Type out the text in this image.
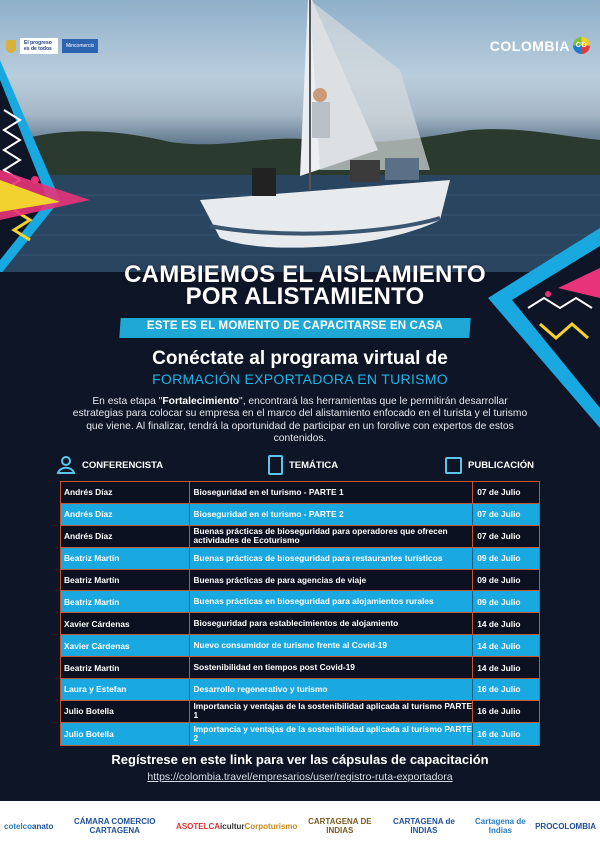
El progreso es de todos	Mincomercio	COLOMBIA CO
CAMBIEMOS EL AISLAMIENTO
POR ALISTAMIENTO
ESTE ES EL MOMENTO DE CAPACITARSE EN CASA
Conéctate al programa virtual de
FORMACIÓN EXPORTADORA EN TURISMO
En esta etapa "Fortalecimiento", encontrará las herramientas que le permitirán desarrollar estrategias para colocar su empresa en el marco del alistamiento enfocado en el turista y el turismo que viene. Al finalizar, tendrá la oportunidad de participar en un forolive con expertos de estos contenidos.
CONFERENCISTA	TEMÁTICA	PUBLICACIÓN
Andrés Díaz	Bioseguridad en el turismo - PARTE 1	07 de Julio
Andrés Díaz	Bioseguridad en el turismo - PARTE 2	07 de Julio
Andrés Díaz	Buenas prácticas de bioseguridad para operadores que ofrecen actividades de Ecoturismo	07 de Julio
Beatriz Martín	Buenas prácticas de bioseguridad para restaurantes turísticos	09 de Julio
Beatriz Martín	Buenas prácticas de para agencias de viaje	09 de Julio
Beatriz Martín	Buenas prácticas en bioseguridad para alojamientos rurales	09 de Julio
Xavier Cárdenas	Bioseguridad para establecimientos de alojamiento	14 de Julio
Xavier Cárdenas	Nuevo consumidor de turismo frente al Covid-19	14 de Julio
Beatriz Martín	Sostenibilidad en tiempos post Covid-19	14 de Julio
Laura y Estefan	Desarrollo regenerativo y turismo	16 de Julio
Julio Botella	Importancia y ventajas de la sostenibilidad aplicada al turismo PARTE 1	16 de Julio
Julio Botella	Importancia y ventajas de la sostenibilidad aplicada al turismo PARTE 2	16 de Julio
Regístrese en este link para ver las cápsulas de capacitación
https://colombia.travel/empresarios/user/registro-ruta-exportadora
cotelco anato	CÁMARA COMERCIO CARTAGENA	ASOTELCA icultur Corpoturismo	CARTAGENA DE INDIAS
CARTAGENA de INDIAS
Cartagena de Indias	PROCOLOMBIA
